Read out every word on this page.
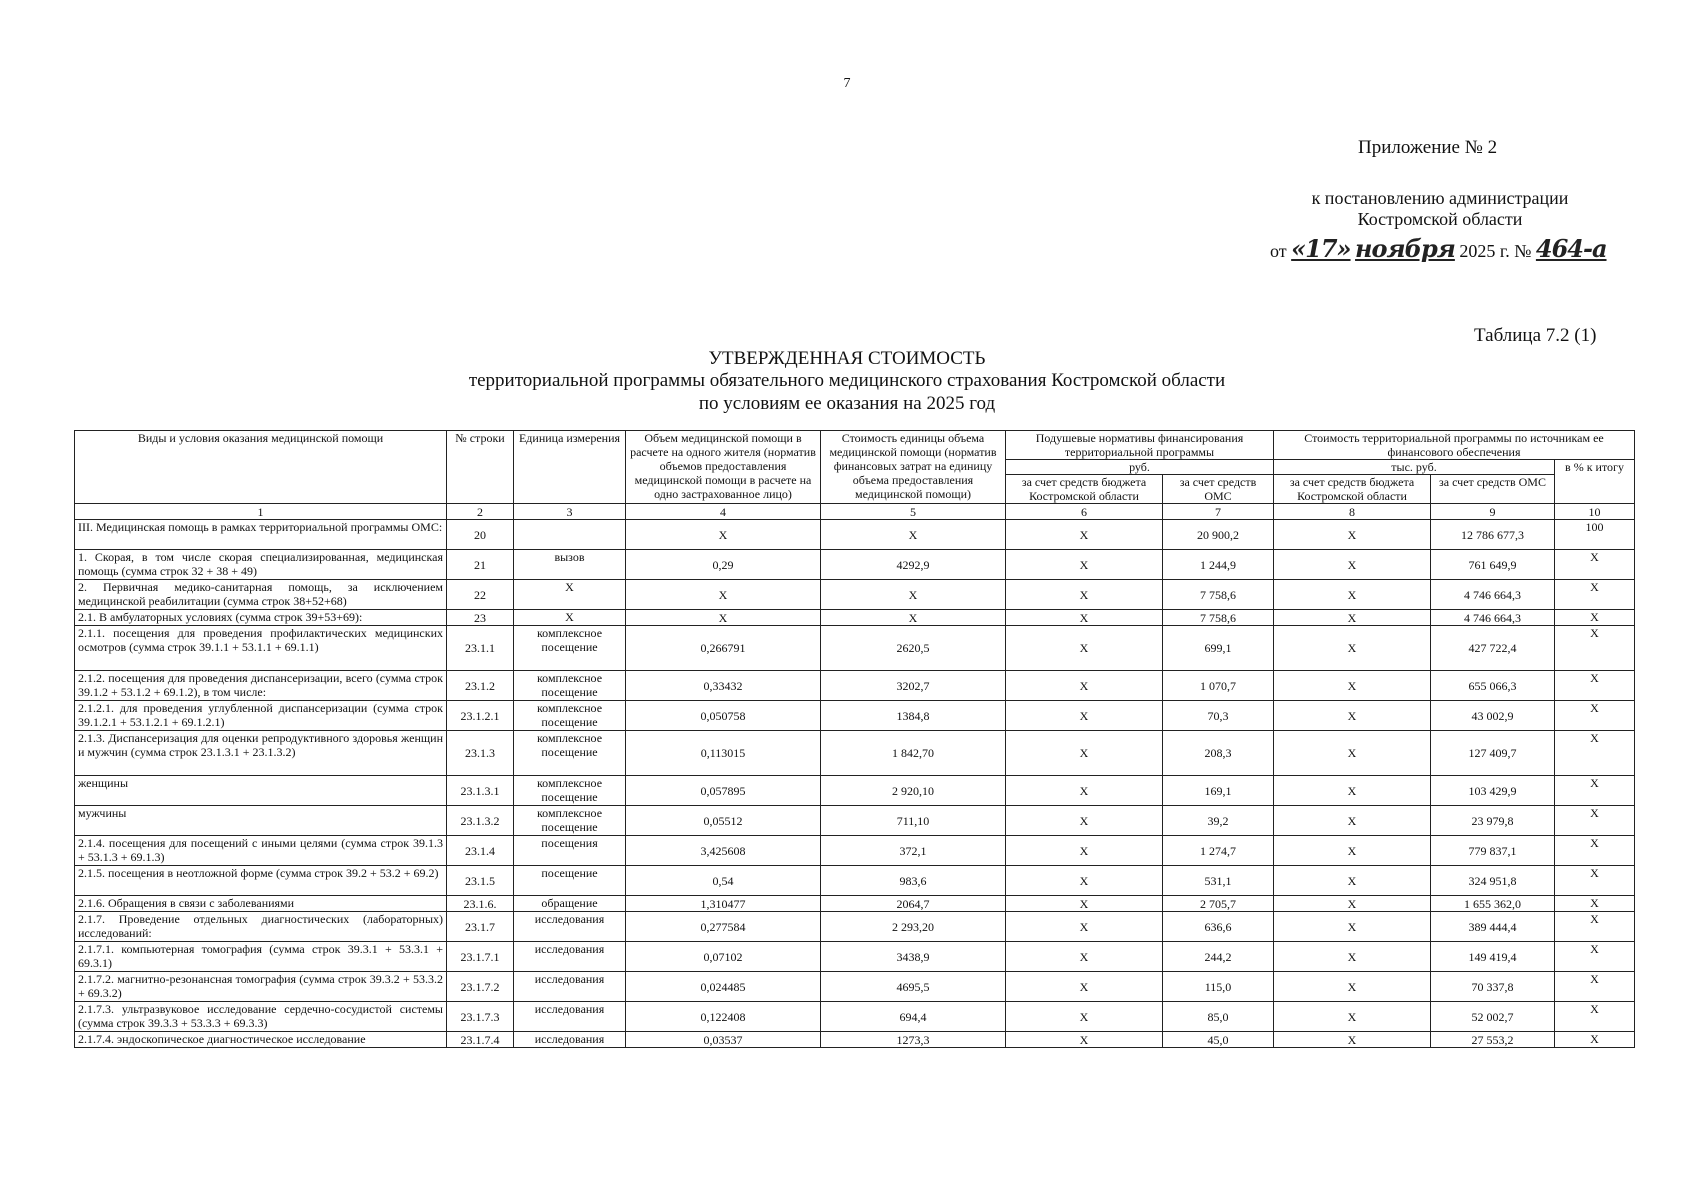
7
Приложение № 2
к постановлению администрации
Костромской области
от «17» ноября 2025 г. № 464-а
Таблица 7.2 (1)
УТВЕРЖДЕННАЯ СТОИМОСТЬ
территориальной программы обязательного медицинского страхования Костромской области
по условиям ее оказания на 2025 год
Виды и условия оказания медицинской помощи	№ строки	Единица измерения	Объем медицинской помощи в расчете на одного жителя (норматив объемов предоставления медицинской помощи в расчете на одно застрахованное лицо)	Стоимость единицы объема медицинской помощи (норматив финансовых затрат на единицу объема предоставления медицинской помощи)	Подушевые нормативы финансирования территориальной программы		Стоимость территориальной программы по источникам ее финансового обеспечения		
					руб.		тыс. руб.		в % к итогу
					за счет средств бюджета Костромской области	за счет средств ОМС	за счет средств бюджета Костромской области	за счет средств ОМС	

1	2	3	4	5	6	7	8	9	10
III. Медицинская помощь в рамках территориальной программы ОМС:	20		Х	Х	Х	20 900,2	Х	12 786 677,3	100
1. Скорая, в том числе скорая специализированная, медицинская помощь (сумма строк 32 + 38 + 49)	21	вызов	0,29	4292,9	Х	1 244,9	Х	761 649,9	Х
2. Первичная медико-санитарная помощь, за исключением медицинской реабилитации (сумма строк 38+52+68)	22	Х	Х	Х	Х	7 758,6	Х	4 746 664,3	Х
2.1. В амбулаторных условиях (сумма строк 39+53+69):	23	Х	Х	Х	Х	7 758,6	Х	4 746 664,3	Х
2.1.1. посещения для проведения профилактических медицинских осмотров (сумма строк 39.1.1 + 53.1.1 + 69.1.1)	23.1.1	комплексное посещение	0,266791	2620,5	Х	699,1	Х	427 722,4	Х
2.1.2. посещения для проведения диспансеризации, всего (сумма строк 39.1.2 + 53.1.2 + 69.1.2), в том числе:	23.1.2	комплексное посещение	0,33432	3202,7	Х	1 070,7	Х	655 066,3	Х
2.1.2.1. для проведения углубленной диспансеризации (сумма строк 39.1.2.1 + 53.1.2.1 + 69.1.2.1)	23.1.2.1	комплексное посещение	0,050758	1384,8	Х	70,3	Х	43 002,9	Х
2.1.3. Диспансеризация для оценки репродуктивного здоровья женщин и мужчин (сумма строк 23.1.3.1 + 23.1.3.2)	23.1.3	комплексное посещение	0,113015	1 842,70	Х	208,3	Х	127 409,7	Х
женщины	23.1.3.1	комплексное посещение	0,057895	2 920,10	Х	169,1	Х	103 429,9	Х
мужчины	23.1.3.2	комплексное посещение	0,05512	711,10	Х	39,2	Х	23 979,8	Х
2.1.4. посещения для посещений с иными целями (сумма строк 39.1.3 + 53.1.3 + 69.1.3)	23.1.4	посещения	3,425608	372,1	Х	1 274,7	Х	779 837,1	Х
2.1.5. посещения в неотложной форме (сумма строк 39.2 + 53.2 + 69.2)	23.1.5	посещение	0,54	983,6	Х	531,1	Х	324 951,8	Х
2.1.6. Обращения в связи с заболеваниями	23.1.6.	обращение	1,310477	2064,7	Х	2 705,7	Х	1 655 362,0	Х
2.1.7. Проведение отдельных диагностических (лабораторных) исследований:	23.1.7	исследования	0,277584	2 293,20	Х	636,6	Х	389 444,4	Х
2.1.7.1. компьютерная томография (сумма строк 39.3.1 + 53.3.1 + 69.3.1)	23.1.7.1	исследования	0,07102	3438,9	Х	244,2	Х	149 419,4	Х
2.1.7.2. магнитно-резонансная томография (сумма строк 39.3.2 + 53.3.2 + 69.3.2)	23.1.7.2	исследования	0,024485	4695,5	Х	115,0	Х	70 337,8	Х
2.1.7.3. ультразвуковое исследование сердечно-сосудистой системы (сумма строк 39.3.3 + 53.3.3 + 69.3.3)	23.1.7.3	исследования	0,122408	694,4	Х	85,0	Х	52 002,7	Х
2.1.7.4. эндоскопическое диагностическое исследование	23.1.7.4	исследования	0,03537	1273,3	Х	45,0	Х	27 553,2	Х
